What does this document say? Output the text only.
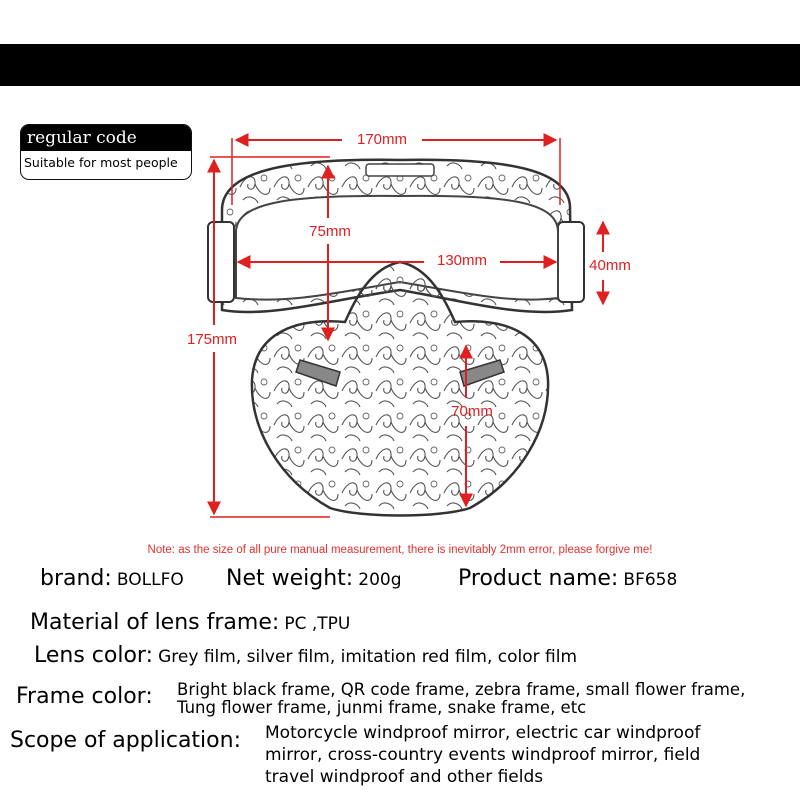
regular code
Suitable for most people
170mm
175mm
75mm
130mm	40mm
70mm
Note: as the size of all pure manual measurement, there is inevitably 2mm error, please forgive me!
brand: BOLLFO Net weight: 200g	Product name: BF658
Material of lens frame: PC ,TPU
Lens color: Grey film, silver film, imitation red film, color film
Frame color: Bright black frame, QR code frame, zebra frame, small flower frame,
Tung flower frame, junmi frame, snake frame, etc
Scope of application: Motorcycle windproof mirror, electric car windproof
mirror, cross-country events windproof mirror, field
travel windproof and other fields
